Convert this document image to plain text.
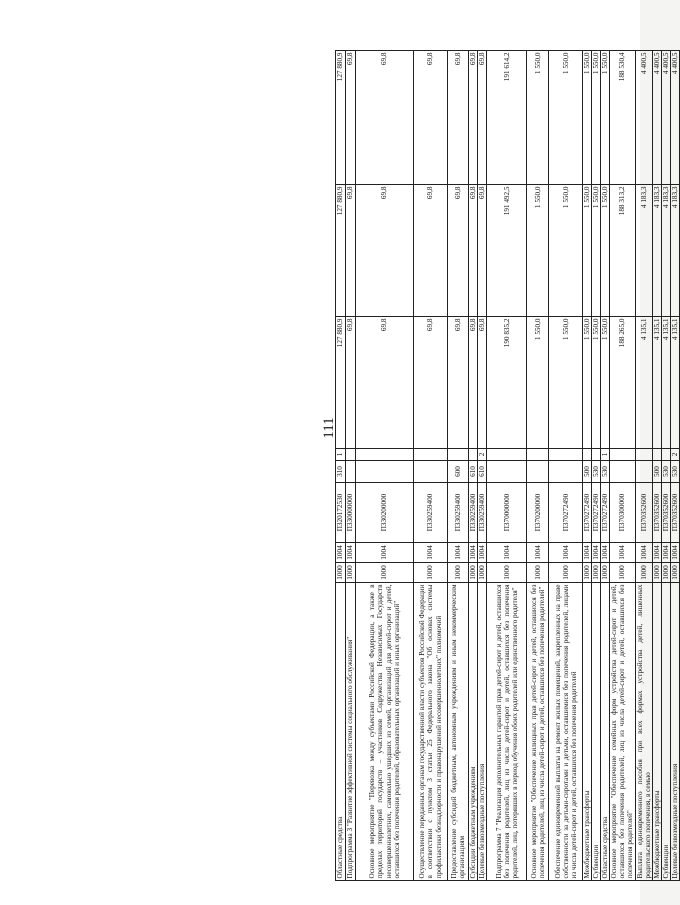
111
Областные средства	1000	1004	П320172530	310	1	127 880,9	127 880,9	127 880,9
Подпрограмма 3 "Развитие эффективной системы социального обслуживания"	1000	1004	П330000000			69,8	69,8	69,8
Основное мероприятие "Перевозка между субъектами Российской Федерации, а также в пределах территорий государств – участников Содружества Независимых Государств несовершеннолетних, самовольно ушедших из семей, организаций для детей-сирот и детей, оставшихся без попечения родителей, образовательных организаций и иных организаций"	1000	1004	П330200000			69,8	69,8	69,8
Осуществление переданных органам государственной власти субъектов Российской Федерации в соответствии с пунктом 3 статьи 25 Федерального закона "Об основах системы профилактики безнадзорности и правонарушений несовершеннолетних" полномочий	1000	1004	П330259400			69,8	69,8	69,8
Предоставление субсидий бюджетным, автономным учреждениям и иным некоммерческим организациям	1000	1004	П330259400	600		69,8	69,8	69,8
Субсидии бюджетным учреждениям	1000	1004	П330259400	610		69,8	69,8	69,8
Целевые безвозмездные поступления	1000	1004	П330259400	610	2	69,8	69,8	69,8
Подпрограмма 7 "Реализация дополнительных гарантий прав детей-сирот и детей, оставшихся без попечения родителей, лиц из числа детей-сирот и детей, оставшихся без попечения родителей, лиц, потерявших в период обучения обоих родителей или единственного родителя"	1000	1004	П370000000			190 835,2	191 492,5	191 614,2
Основное мероприятие "Обеспечение жилищных прав детей-сирот и детей, оставшихся без попечения родителей, лиц из числа детей-сирот и детей, оставшихся без попечения родителей"	1000	1004	П370200000			1 550,0	1 550,0	1 550,0
Обеспечение единовременной выплаты на ремонт жилых помещений, закрепленных на праве собственности за детьми-сиротами и детьми, оставшимися без попечения родителей, лицами из числа детей-сирот и детей, оставшихся без попечения родителей	1000	1004	П370272490			1 550,0	1 550,0	1 550,0
Межбюджетные трансферты	1000	1004	П370272490	500		1 550,0	1 550,0	1 550,0
Субвенции	1000	1004	П370272490	530		1 550,0	1 550,0	1 550,0
Областные средства	1000	1004	П370272490	530	1	1 550,0	1 550,0	1 550,0
Основное мероприятие "Обеспечение семейных форм устройства детей-сирот и детей, оставшихся без попечения родителей, лиц из числа детей-сирот и детей, оставшихся без попечения родителей"	1000	1004	П370300000			188 265,0	188 313,2	188 530,4
Выплата единовременного пособия при всех формах устройства детей, лишенных родительского попечения, в семью	1000	1004	П370352600			4 135,1	4 183,3	4 400,5
Межбюджетные трансферты	1000	1004	П370352600	500		4 135,1	4 183,3	4 400,5
Субвенции	1000	1004	П370352600	530		4 135,1	4 183,3	4 400,5
Целевые безвозмездные поступления	1000	1004	П370352600	530	2	4 135,1	4 183,3	4 400,5
